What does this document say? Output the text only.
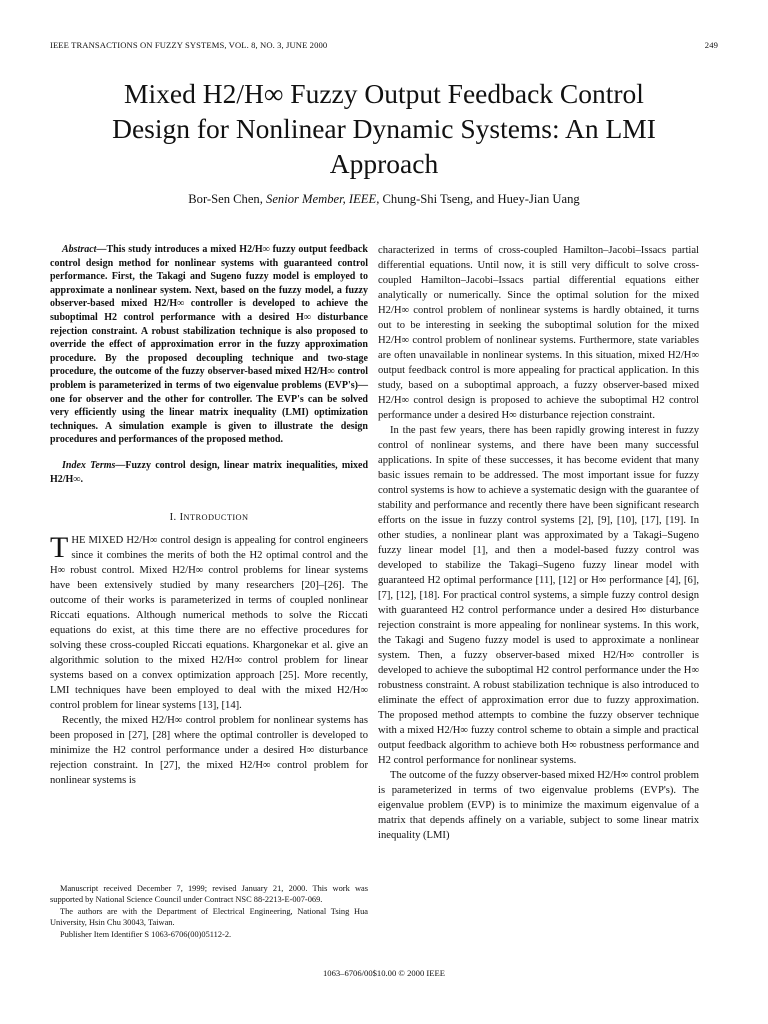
IEEE TRANSACTIONS ON FUZZY SYSTEMS, VOL. 8, NO. 3, JUNE 2000	249
Mixed H2/H∞ Fuzzy Output Feedback Control
Design for Nonlinear Dynamic Systems: An LMI
Approach
Bor-Sen Chen, Senior Member, IEEE, Chung-Shi Tseng, and Huey-Jian Uang

Abstract—This study introduces a mixed H2/H∞ fuzzy output feedback control design method for nonlinear systems with guaranteed control performance. First, the Takagi and Sugeno fuzzy model is employed to approximate a nonlinear system. Next, based on the fuzzy model, a fuzzy observer-based mixed H2/H∞ controller is developed to achieve the suboptimal H2 control performance with a desired H∞ disturbance rejection constraint. A robust stabilization technique is also proposed to override the effect of approximation error in the fuzzy approximation procedure. By the proposed decoupling technique and two-stage procedure, the outcome of the fuzzy observer-based mixed H2/H∞ control problem is parameterized in terms of two eigenvalue problems (EVP's)—one for observer and the other for controller. The EVP's can be solved very efficiently using the linear matrix inequality (LMI) optimization techniques. A simulation example is given to illustrate the design procedures and performances of the proposed method.

Index Terms—Fuzzy control design, linear matrix inequalities, mixed H2/H∞.

I. INTRODUCTION

THE MIXED H2/H∞ control design is appealing for control engineers since it combines the merits of both the H2 optimal control and the H∞ robust control. Mixed H2/H∞ control problems for linear systems have been extensively studied by many researchers [20]–[26]. The outcome of their works is parameterized in terms of coupled nonlinear Riccati equations. Although numerical methods to solve the Riccati equations do exist, at this time there are no effective procedures for solving these cross-coupled Riccati equations. Khargonekar et al. give an algorithmic solution to the mixed H2/H∞ control problem for linear systems based on a convex optimization approach [25]. More recently, LMI techniques have been employed to deal with the mixed H2/H∞ control problem for linear systems [13], [14].

Recently, the mixed H2/H∞ control problem for nonlinear systems has been proposed in [27], [28] where the optimal controller is developed to minimize the H2 control performance under a desired H∞ disturbance rejection constraint. In [27], the mixed H2/H∞ control problem for nonlinear systems is

Manuscript received December 7, 1999; revised January 21, 2000. This work was supported by National Science Council under Contract NSC 88-2213-E-007-069.

The authors are with the Department of Electrical Engineering, National Tsing Hua University, Hsin Chu 30043, Taiwan.

Publisher Item Identifier S 1063-6706(00)05112-2.

characterized in terms of cross-coupled Hamilton–Jacobi–Issacs partial differential equations. Until now, it is still very difficult to solve cross-coupled Hamilton–Jacobi–Issacs partial differential equations either analytically or numerically. Since the optimal solution for the mixed H2/H∞ control problem of nonlinear systems is hardly obtained, it turns out to be interesting in seeking the suboptimal solution for the mixed H2/H∞ control problem of nonlinear systems. Furthermore, state variables are often unavailable in nonlinear systems. In this situation, mixed H2/H∞ output feedback control is more appealing for practical application. In this study, based on a suboptimal approach, a fuzzy observer-based mixed H2/H∞ control design is proposed to achieve the suboptimal H2 control performance under a desired H∞ disturbance rejection constraint.

In the past few years, there has been rapidly growing interest in fuzzy control of nonlinear systems, and there have been many successful applications. In spite of these successes, it has become evident that many basic issues remain to be addressed. The most important issue for fuzzy control systems is how to achieve a systematic design with the guarantee of stability and performance and recently there have been significant research efforts on the issue in fuzzy control systems [2], [9], [10], [17], [19]. In other studies, a nonlinear plant was approximated by a Takagi–Sugeno fuzzy linear model [1], and then a model-based fuzzy control was developed to stabilize the Takagi–Sugeno fuzzy linear model with guaranteed H2 optimal performance [11], [12] or H∞ performance [4], [6], [7], [12], [18]. For practical control systems, a simple fuzzy control design with guaranteed H2 control performance under a desired H∞ disturbance rejection constraint is more appealing for nonlinear systems. In this work, the Takagi and Sugeno fuzzy model is used to approximate a nonlinear system. Then, a fuzzy observer-based mixed H2/H∞ controller is developed to achieve the suboptimal H2 control performance under the H∞ robustness constraint. A robust stabilization technique is also introduced to eliminate the effect of approximation error due to fuzzy approximation. The proposed method attempts to combine the fuzzy observer technique with a mixed H2/H∞ fuzzy control scheme to obtain a simple and practical output feedback algorithm to achieve both H∞ robustness performance and H2 control performance for nonlinear systems.

The outcome of the fuzzy observer-based mixed H2/H∞ control problem is parameterized in terms of two eigenvalue problems (EVP's). The eigenvalue problem (EVP) is to minimize the maximum eigenvalue of a matrix that depends affinely on a variable, subject to some linear matrix inequality (LMI)

1063–6706/00$10.00 © 2000 IEEE
